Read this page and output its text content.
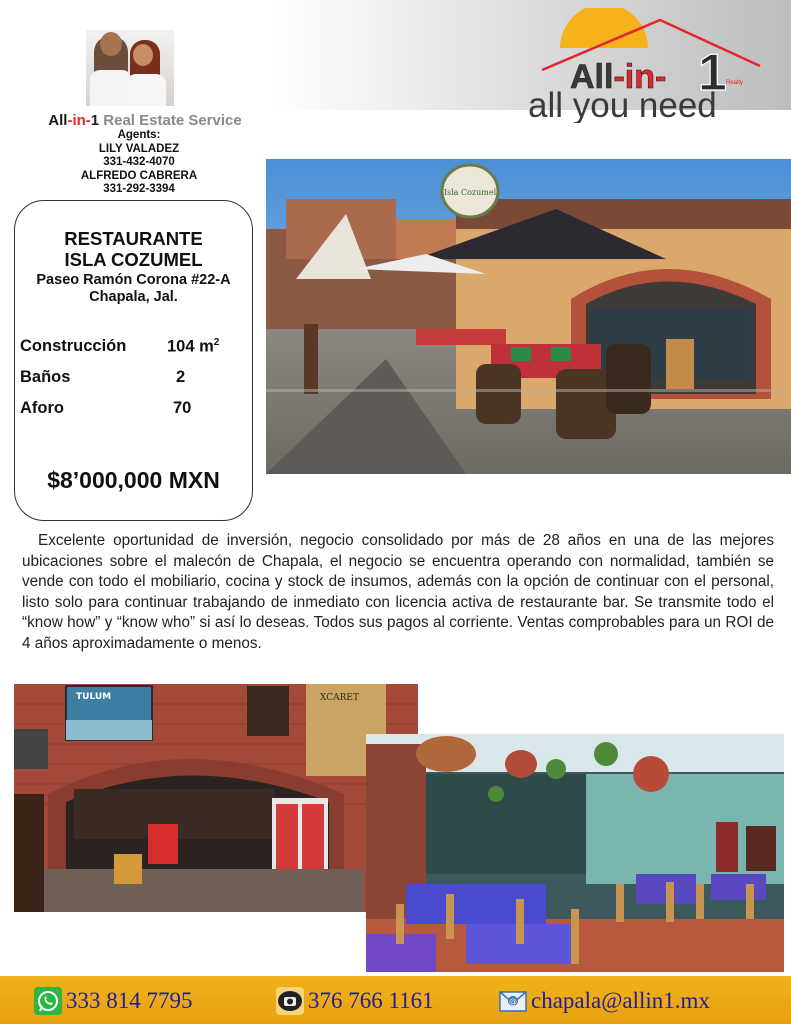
All-in- 1 Realty
all you need
All-in-1 Real Estate Service
Agents:
LILY VALADEZ
331-432-4070
ALFREDO CABRERA
331-292-3394
RESTAURANTE
ISLA COZUMEL
Paseo Ramón Corona #22-A
Chapala, Jal.
Construcción 104 $m^2$
Baños	2
Aforo	70
$8’000,000 MXN
Isla Cozumel
Excelente oportunidad de inversión, negocio consolidado por más de 28 años en una de las mejores ubicaciones sobre el malecón de Chapala, el negocio se encuentra operando con normalidad, también se vende con todo el mobiliario, cocina y stock de insumos, además con la opción de continuar con el personal, listo solo para continuar trabajando de inmediato con licencia activa de restaurante bar. Se transmite todo el “know how” y “know who” si así lo deseas. Todos sus pagos al corriente. Ventas comprobables para un ROI de 4 años aproximadamente o menos.
TULUM	XCARET
333 814 7795	376 766 1161	@ chapala@allin1.mx
